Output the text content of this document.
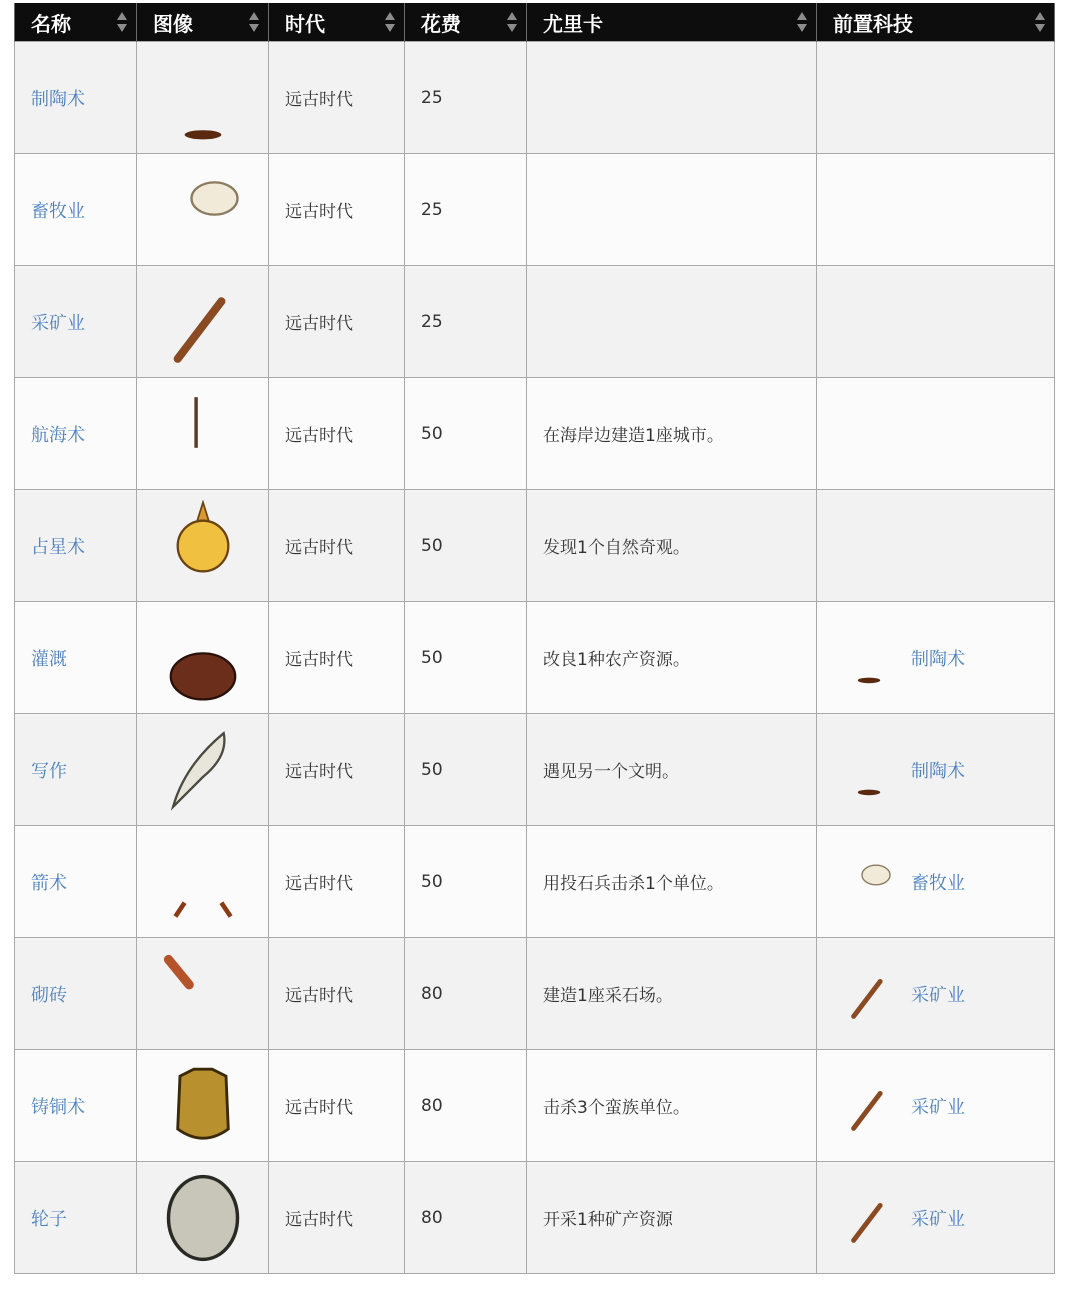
名称	图像	时代	花费	尤里卡	前置科技

制陶术		远古时代	25		
畜牧业		远古时代	25		
采矿业		远古时代	25		
航海术		远古时代	50	在海岸边建造1座城市。	
占星术		远古时代	50	发现1个自然奇观。	
灌溉		远古时代	50	改良1种农产资源。	制陶术

写作		远古时代	50	遇见另一个文明。	制陶术

箭术		远古时代	50	用投石兵击杀1个单位。	畜牧业

砌砖		远古时代	80	建造1座采石场。	采矿业

铸铜术		远古时代	80	击杀3个蛮族单位。	采矿业

轮子		远古时代	80	开采1种矿产资源	采矿业
